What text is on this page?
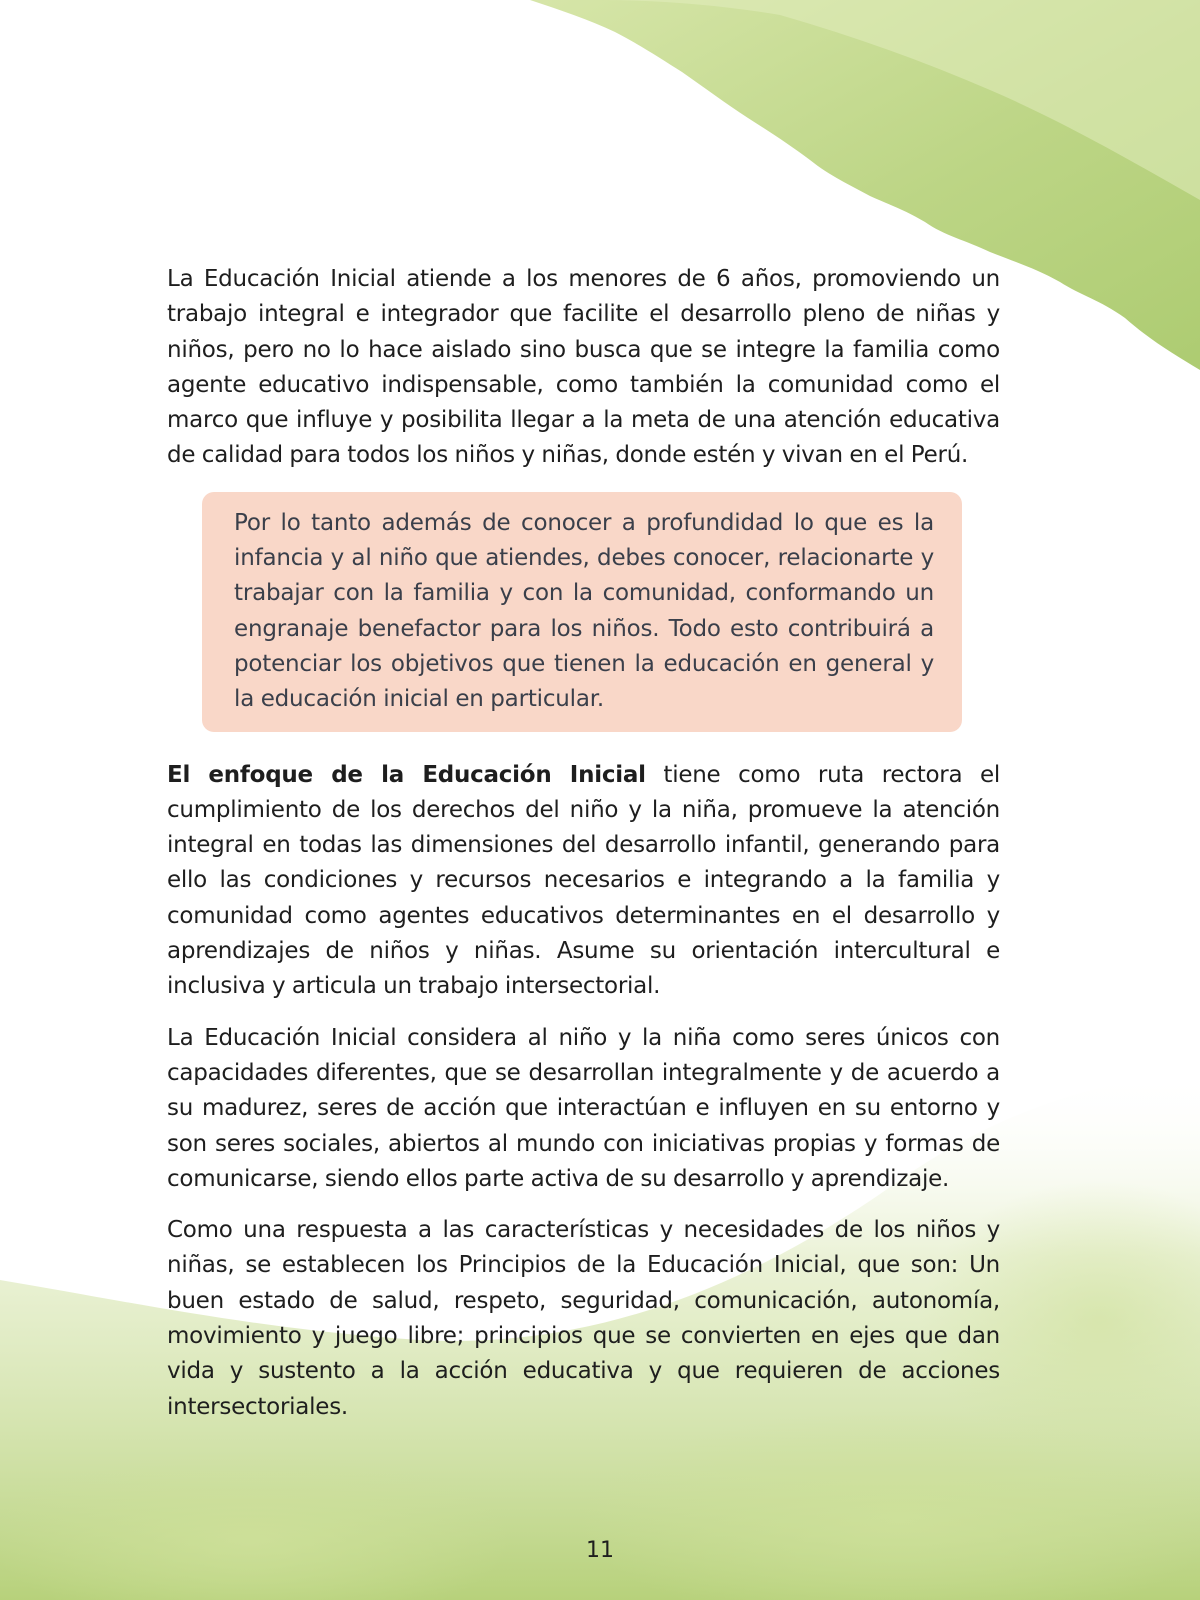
La Educación Inicial atiende a los menores de 6 años, promoviendo un trabajo integral e integrador que facilite el desarrollo pleno de niñas y niños, pero no lo hace aislado sino busca que se integre la familia como agente educativo indispensable, como también la comunidad como el marco que influye y posibilita llegar a la meta de una atención educativa de calidad para todos los niños y niñas, donde estén y vivan en el Perú.

Por lo tanto además de conocer a profundidad lo que es la infancia y al niño que atiendes, debes conocer, relacionarte y trabajar con la familia y con la comunidad, conformando un engranaje benefactor para los niños. Todo esto contribuirá a potenciar los objetivos que tienen la educación en general y la educación inicial en particular.

El enfoque de la Educación Inicial tiene como ruta rectora el cumplimiento de los derechos del niño y la niña, promueve la atención integral en todas las dimensiones del desarrollo infantil, generando para ello las condiciones y recursos necesarios e integrando a la familia y comunidad como agentes educativos determinantes en el desarrollo y aprendizajes de niños y niñas. Asume su orientación intercultural e inclusiva y articula un trabajo intersectorial.

La Educación Inicial considera al niño y la niña como seres únicos con capacidades diferentes, que se desarrollan integralmente y de acuerdo a su madurez, seres de acción que interactúan e influyen en su entorno y son seres sociales, abiertos al mundo con iniciativas propias y formas de comunicarse, siendo ellos parte activa de su desarrollo y aprendizaje.

Como una respuesta a las características y necesidades de los niños y niñas, se establecen los Principios de la Educación Inicial, que son: Un buen estado de salud, respeto, seguridad, comunicación, autonomía, movimiento y juego libre; principios que se convierten en ejes que dan vida y sustento a la acción educativa y que requieren de acciones intersectoriales.

11
